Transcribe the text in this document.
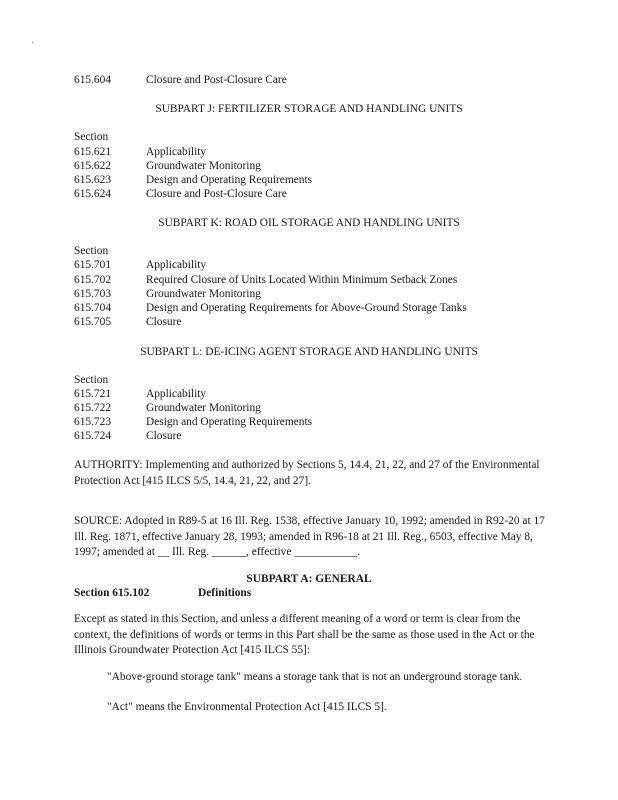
'
615.604	Closure and Post-Closure Care
SUBPART J: FERTILIZER STORAGE AND HANDLING UNITS
Section
615.621	Applicability
615.622	Groundwater Monitoring
615.623	Design and Operating Requirements
615.624	Closure and Post-Closure Care
SUBPART K: ROAD OIL STORAGE AND HANDLING UNITS
Section
615.701	Applicability
615.702	Required Closure of Units Located Within Minimum Setback Zones
615.703	Groundwater Monitoring
615.704	Design and Operating Requirements for Above-Ground Storage Tanks
615.705	Closure
SUBPART L: DE-ICING AGENT STORAGE AND HANDLING UNITS
Section
615.721	Applicability
615.722	Groundwater Monitoring
615.723	Design and Operating Requirements
615.724	Closure
AUTHORITY: Implementing and authorized by Sections 5, 14.4, 21, 22, and 27 of the Environmental Protection Act [415 ILCS 5/5, 14.4, 21, 22, and 27].
SOURCE: Adopted in R89-5 at 16 Ill. Reg. 1538, effective January 10, 1992; amended in R92-20 at 17 Ill. Reg. 1871, effective January 28, 1993; amended in R96-18 at 21 Ill. Reg., 6503, effective May 8, 1997; amended at __ Ill. Reg. ______, effective ___________.
SUBPART A: GENERAL
Section 615.102	Definitions
Except as stated in this Section, and unless a different meaning of a word or term is clear from the context, the definitions of words or terms in this Part shall be the same as those used in the Act or the Illinois Groundwater Protection Act [415 ILCS 55]:
"Above-ground storage tank" means a storage tank that is not an underground storage tank.
"Act" means the Environmental Protection Act [415 ILCS 5].
